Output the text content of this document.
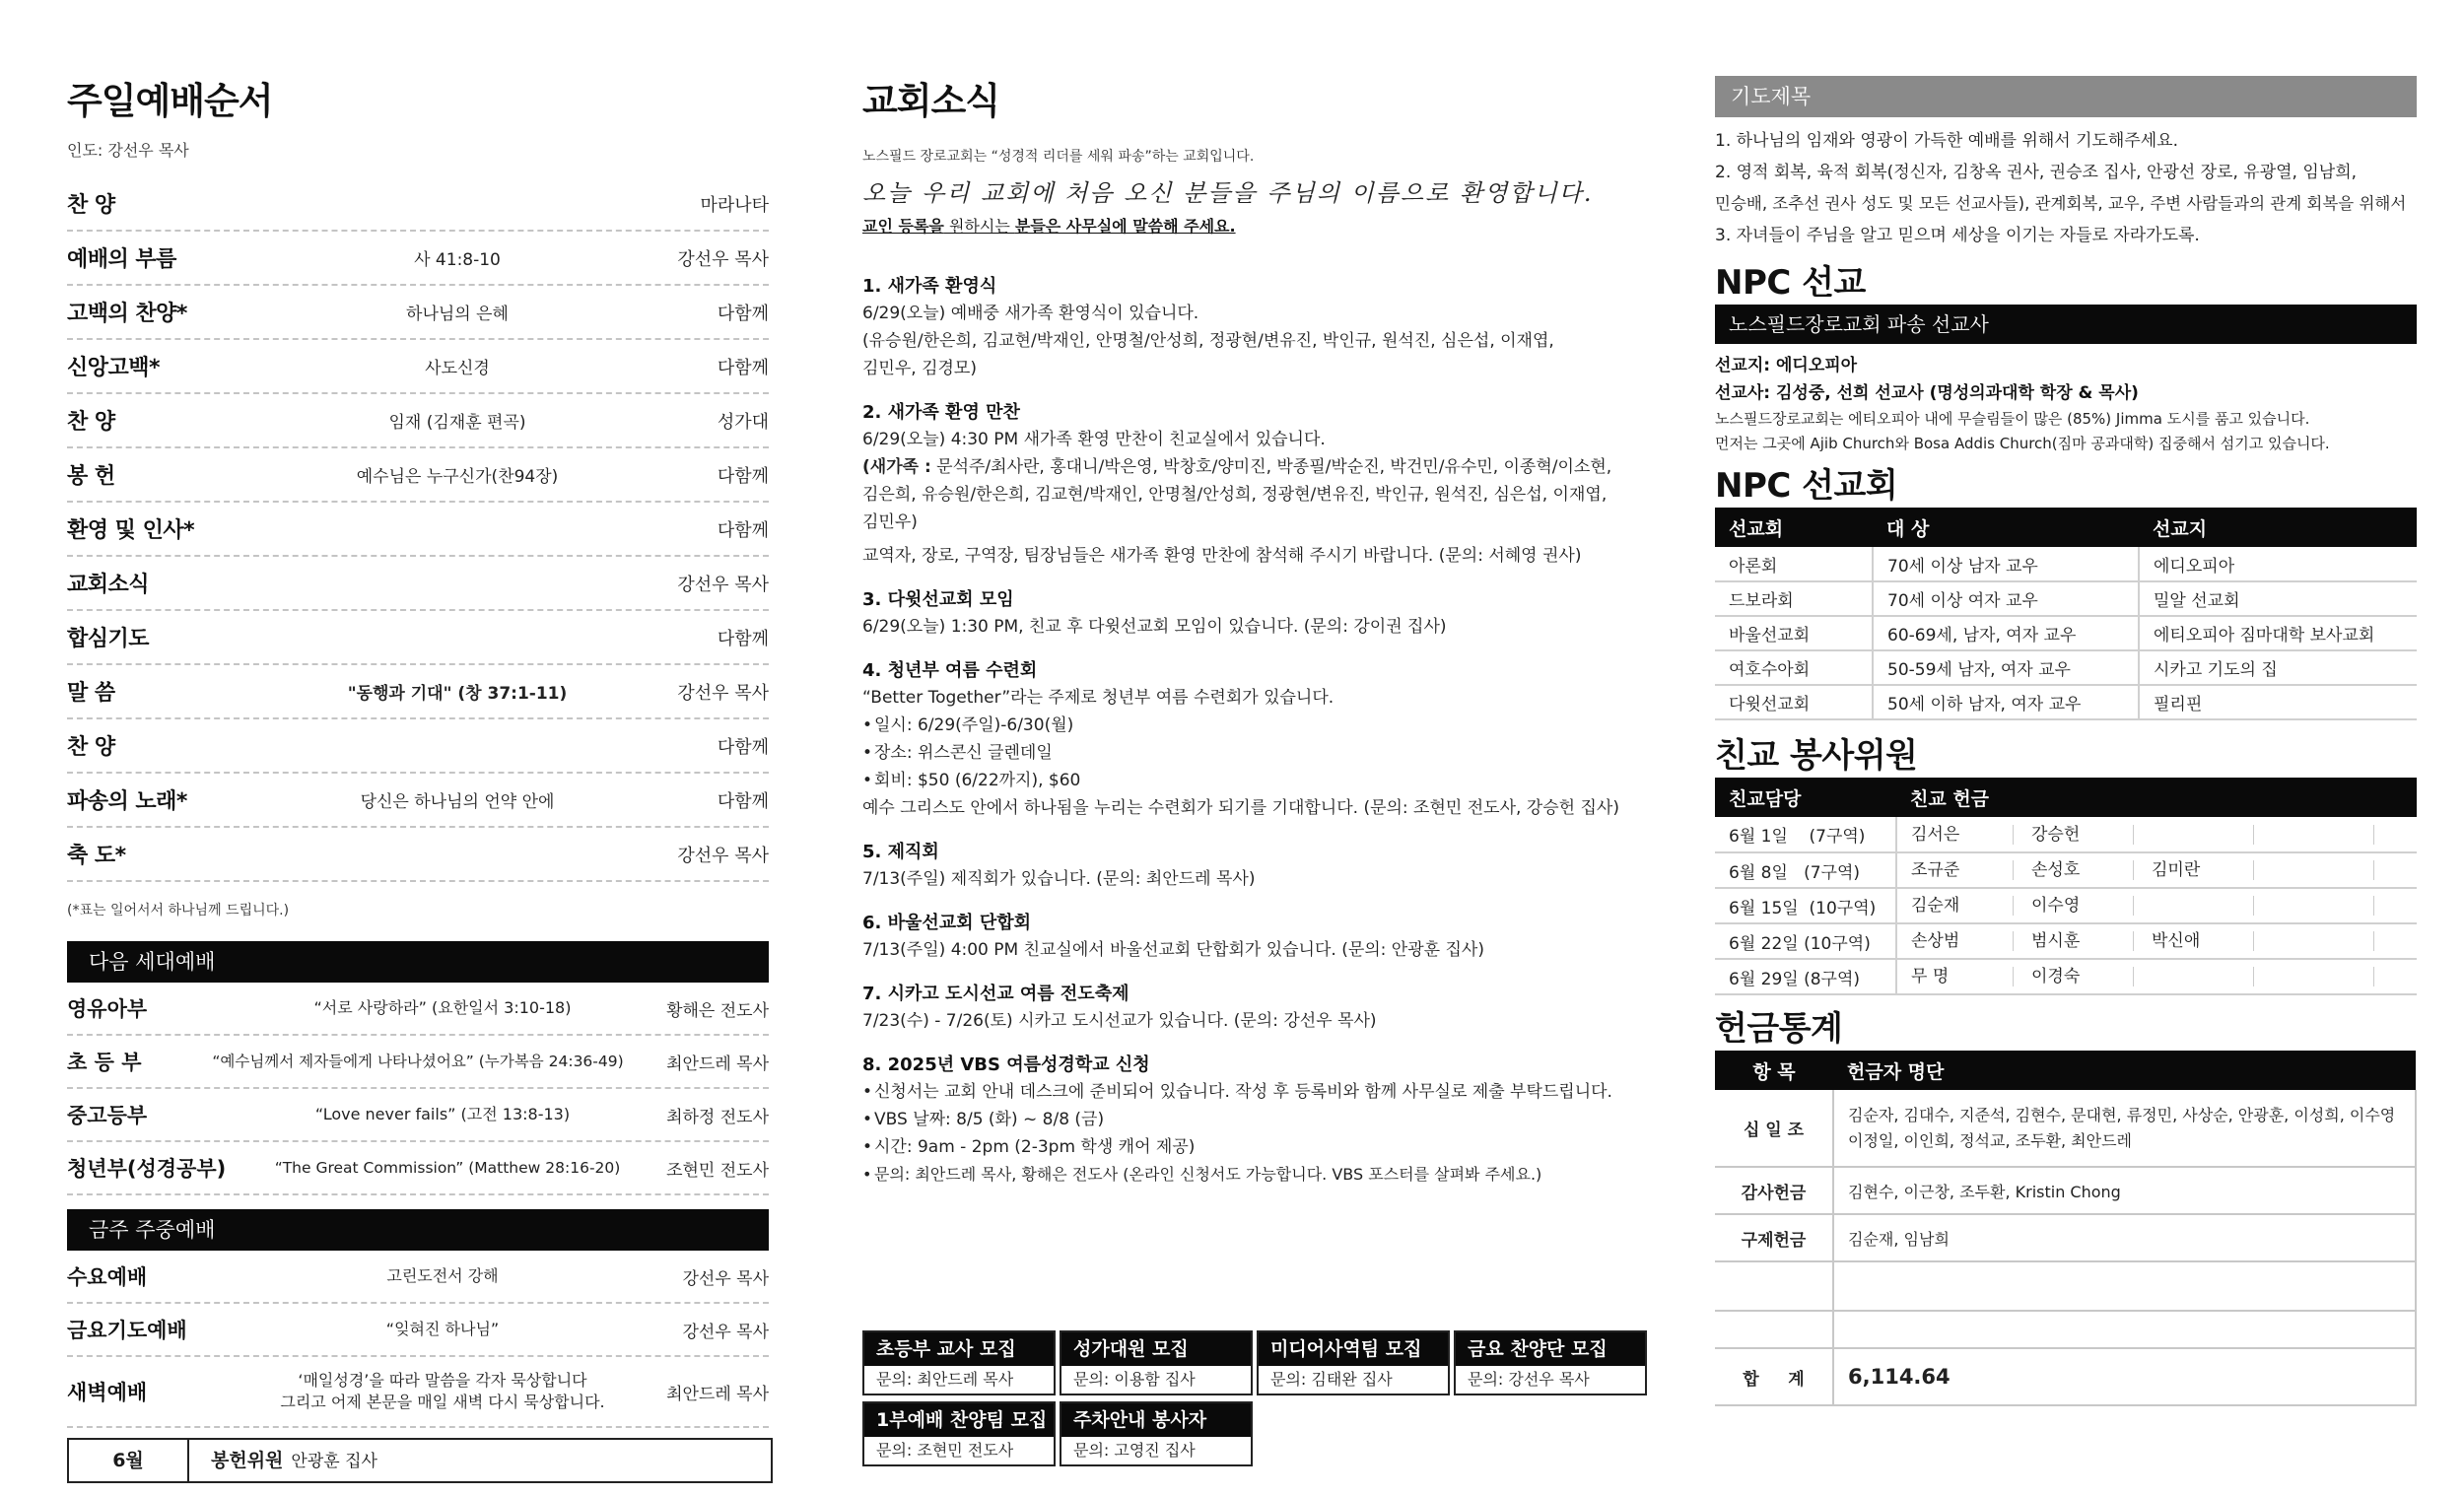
주일예배순서
인도: 강선우 목사
찬 양	마라나타
예배의 부름	사 41:8-10	강선우 목사
고백의 찬양*	하나님의 은혜	다함께
신앙고백*	사도신경	다함께
찬 양	임재 (김재훈 편곡)	성가대
봉 헌	예수님은 누구신가(찬94장)	다함께
환영 및 인사*	다함께
교회소식	강선우 목사
합심기도	다함께
말 씀	"동행과 기대" (창 37:1-11)	강선우 목사
찬 양	다함께
파송의 노래*	당신은 하나님의 언약 안에	다함께
축 도*	강선우 목사
(*표는 일어서서 하나님께 드립니다.)
다음 세대예배
영유아부	“서로 사랑하라” (요한일서 3:10-18)	황해은 전도사
초 등 부	“예수님께서 제자들에게 나타나셨어요” (누가복음 24:36-49)	최안드레 목사
중고등부	“Love never fails” (고전 13:8-13)	최하정 전도사
청년부(성경공부)	“The Great Commission” (Matthew 28:16-20)	조현민 전도사
금주 주중예배
수요예배	고린도전서 강해	강선우 목사
금요기도예배	“잊혀진 하나님”	강선우 목사
새벽예배
‘매일성경’을 따라 말씀을 각자 묵상합니다
그리고 어제 본문을 매일 새벽 다시 묵상합니다.	최안드레 목사
6월	봉헌위원 안광훈 집사
교회소식
노스필드 장로교회는 “성경적 리더를 세워 파송”하는 교회입니다.
오늘 우리 교회에 처음 오신 분들을 주님의 이름으로 환영합니다.
교인 등록을 원하시는 분들은 사무실에 말씀해 주세요.
1. 새가족 환영식
6/29(오늘) 예배중 새가족 환영식이 있습니다.
(유승원/한은희, 김교현/박재인, 안명철/안성희, 정광현/변유진, 박인규, 원석진, 심은섭, 이재엽,
김민우, 김경모)
2. 새가족 환영 만찬
6/29(오늘) 4:30 PM 새가족 환영 만찬이 친교실에서 있습니다.
(새가족 : 문석주/최사란, 홍대니/박은영, 박창호/양미진, 박종필/박순진, 박건민/유수민, 이종혁/이소현,
김은희, 유승원/한은희, 김교현/박재인, 안명철/안성희, 정광현/변유진, 박인규, 원석진, 심은섭, 이재엽,
김민우)
교역자, 장로, 구역장, 팀장님들은 새가족 환영 만찬에 참석해 주시기 바랍니다. (문의: 서혜영 권사)
3. 다윗선교회 모임
6/29(오늘) 1:30 PM, 친교 후 다윗선교회 모임이 있습니다. (문의: 강이권 집사)
4. 청년부 여름 수련회
“Better Together”라는 주제로 청년부 여름 수련회가 있습니다.
• 일시: 6/29(주일)-6/30(월)
• 장소: 위스콘신 글렌데일
• 회비: $50 (6/22까지), $60
예수 그리스도 안에서 하나됨을 누리는 수련회가 되기를 기대합니다. (문의: 조현민 전도사, 강승헌 집사)
5. 제직회
7/13(주일) 제직회가 있습니다. (문의: 최안드레 목사)
6. 바울선교회 단합회
7/13(주일) 4:00 PM 친교실에서 바울선교회 단합회가 있습니다. (문의: 안광훈 집사)
7. 시카고 도시선교 여름 전도축제
7/23(수) - 7/26(토) 시카고 도시선교가 있습니다. (문의: 강선우 목사)
8. 2025년 VBS 여름성경학교 신청
• 신청서는 교회 안내 데스크에 준비되어 있습니다. 작성 후 등록비와 함께 사무실로 제출 부탁드립니다.
• VBS 날짜: 8/5 (화) ~ 8/8 (금)
• 시간: 9am - 2pm (2-3pm 학생 캐어 제공)
• 문의: 최안드레 목사, 황해은 전도사 (온라인 신청서도 가능합니다. VBS 포스터를 살펴봐 주세요.)
초등부 교사 모집
문의: 최안드레 목사
성가대원 모집
문의: 이용함 집사
미디어사역팀 모집
문의: 김태완 집사
금요 찬양단 모집
문의: 강선우 목사
1부예배 찬양팀 모집
문의: 조현민 전도사
주차안내 봉사자
문의: 고영진 집사
기도제목

1. 하나님의 임재와 영광이 가득한 예배를 위해서 기도해주세요.

2. 영적 회복, 육적 회복(정신자, 김창옥 권사, 권승조 집사, 안광선 장로, 유광열, 임남희,

민승배, 조추선 권사 성도 및 모든 선교사들), 관계회복, 교우, 주변 사람들과의 관계 회복을 위해서

3. 자녀들이 주님을 알고 믿으며 세상을 이기는 자들로 자라가도록.

NPC 선교
노스필드장로교회 파송 선교사

선교지: 에디오피아

선교사: 김성중, 선희 선교사 (명성의과대학 학장 & 목사)

노스필드장로교회는 에티오피아 내에 무슬림들이 많은 (85%) Jimma 도시를 품고 있습니다.

먼저는 그곳에 Ajib Church와 Bosa Addis Church(짐마 공과대학) 집중해서 섬기고 있습니다.

NPC 선교회
선교회	대 상	선교지
아론회	70세 이상 남자 교우	에디오피아
드보라회	70세 이상 여자 교우	밀알 선교회
바울선교회	60-69세, 남자, 여자 교우	에티오피아 짐마대학 보사교회
여호수아회	50-59세 남자, 여자 교우	시카고 기도의 집
다윗선교회	50세 이하 남자, 여자 교우	필리핀
친교 봉사위원
친교담당	친교 헌금
6월 1일    (7구역)	김서은 강승헌

6월 8일   (7구역)	조규준 손성호 김미란

6월 15일  (10구역)	김순재 이수영

6월 22일 (10구역)	손상범 범시훈 박신애

6월 29일 (8구역)	무 명 이경숙
헌금통계
항 목	헌금자 명단
십 일 조	김순자, 김대수, 지준석, 김현수, 문대현, 류정민, 사상순, 안광훈, 이성희, 이수영
이정일, 이인희, 정석교, 조두환, 최안드레
감사헌금	김현수, 이근창, 조두환, Kristin Chong
구제헌금	김순재, 임남희

합     계	6,114.64
